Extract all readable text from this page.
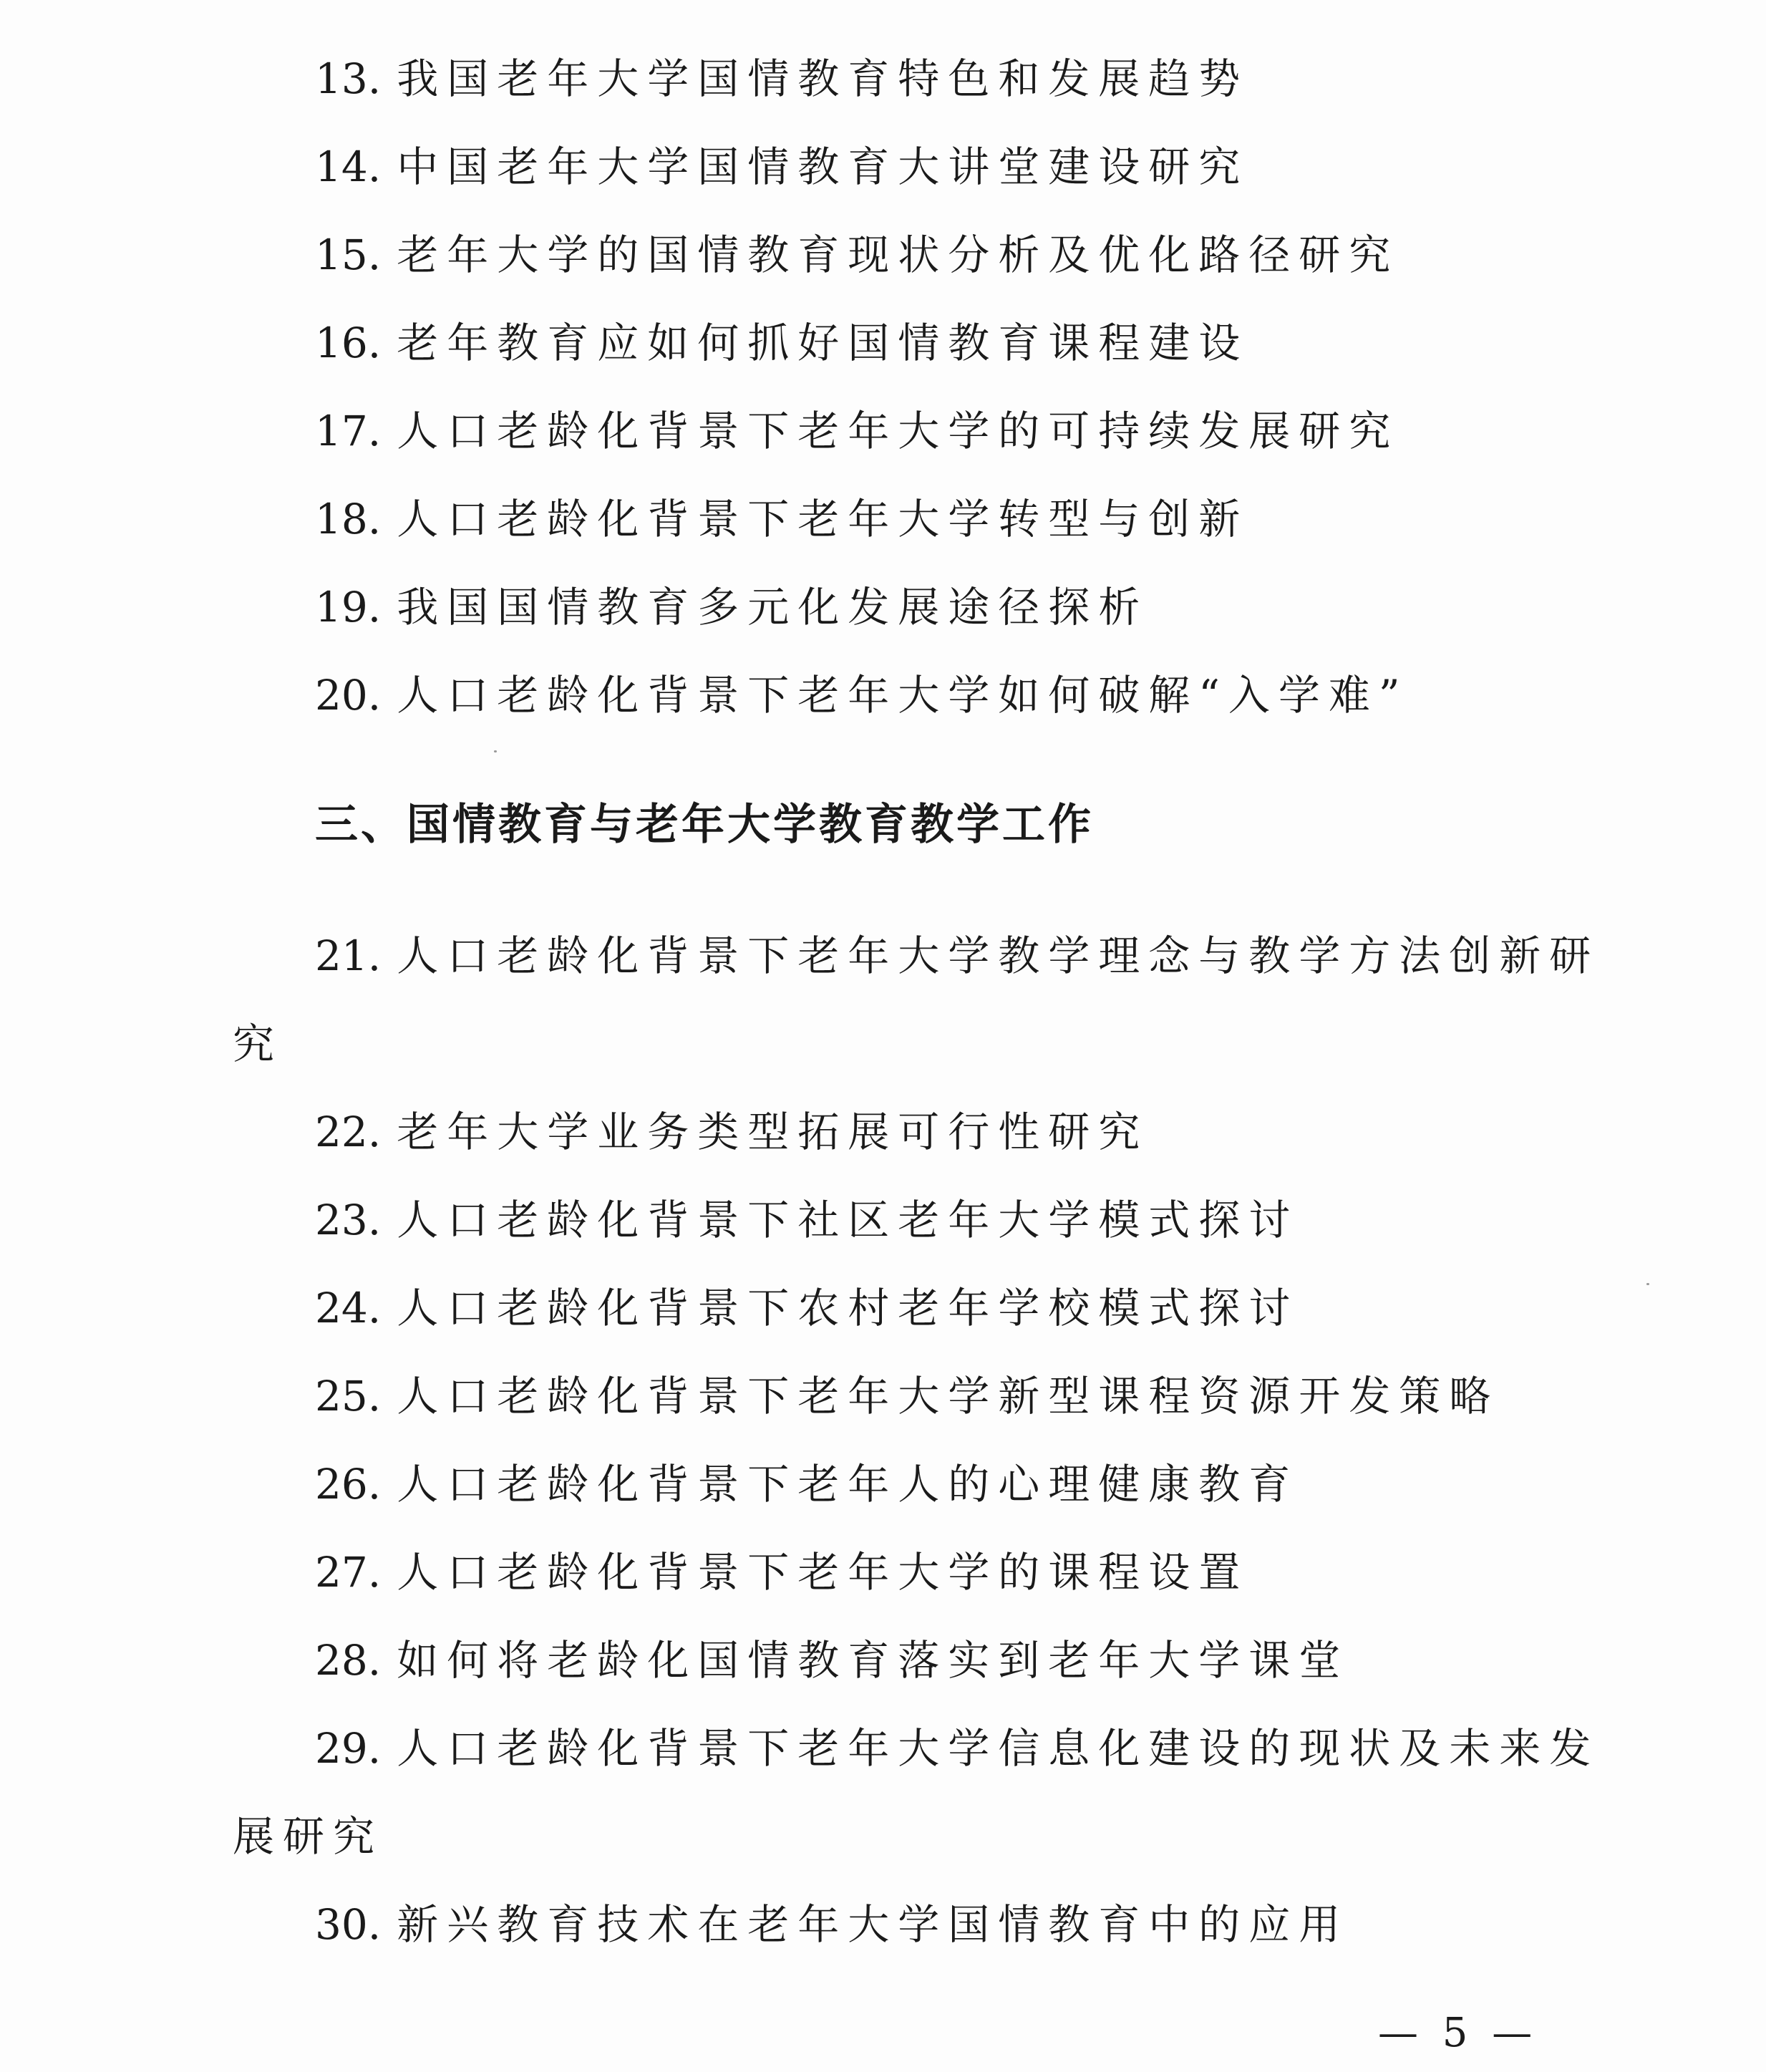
13. 我国老年大学国情教育特色和发展趋势
14. 中国老年大学国情教育大讲堂建设研究
15. 老年大学的国情教育现状分析及优化路径研究
16. 老年教育应如何抓好国情教育课程建设
17. 人口老龄化背景下老年大学的可持续发展研究
18. 人口老龄化背景下老年大学转型与创新
19. 我国国情教育多元化发展途径探析
20. 人口老龄化背景下老年大学如何破解“入学难”
三、国情教育与老年大学教育教学工作
21. 人口老龄化背景下老年大学教学理念与教学方法创新研
究
22. 老年大学业务类型拓展可行性研究
23. 人口老龄化背景下社区老年大学模式探讨
24. 人口老龄化背景下农村老年学校模式探讨
25. 人口老龄化背景下老年大学新型课程资源开发策略
26. 人口老龄化背景下老年人的心理健康教育
27. 人口老龄化背景下老年大学的课程设置
28. 如何将老龄化国情教育落实到老年大学课堂
29. 人口老龄化背景下老年大学信息化建设的现状及未来发
展研究
30. 新兴教育技术在老年大学国情教育中的应用
— 5 —
